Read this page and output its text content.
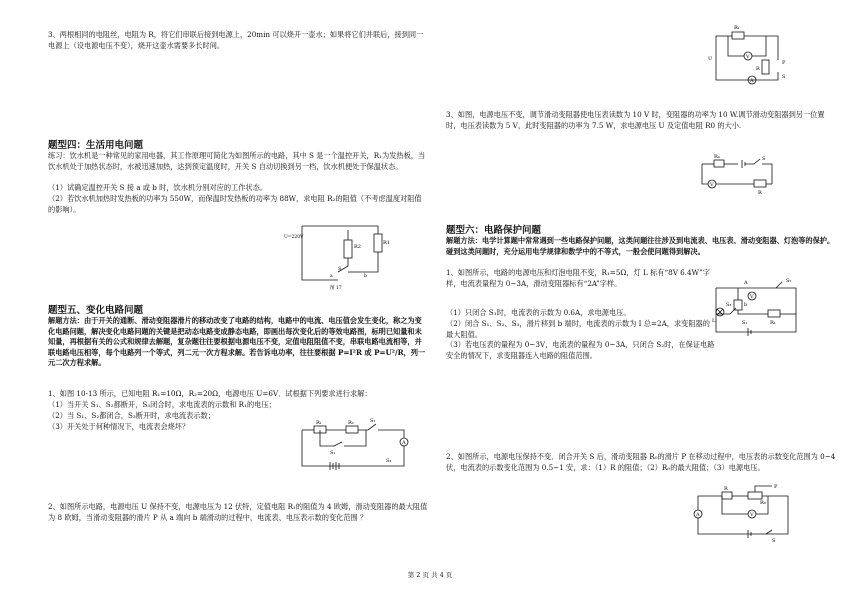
3、两根相同的电阻丝，电阻为 R，将它们串联后接到电源上，20min 可以烧开一壶水；如果将它们并联后，接到同一电源上（设电源电压不变），烧开这壶水需要多长时间。

题型四：生活用电问题

练习：饮水机是一种常见的家用电器，其工作原理可简化为如图所示的电路，其中 S 是一个温控开关，R₁为发热板，当饮水机处于加热状态时，水被迅速加热，达到预定温度时，开关 S 自动切换到另一档，饮水机便处于保温状态。

（1）试确定温控开关 S 接 a 或 b 时，饮水机分别对应的工作状态。

（2）若饮水机加热时发热板的功率为 550W，而保温时发热板的功率为 88W，求电阻 R₂的阻值（不考虑温度对阻值的影响）。

U=220V
R2
R1
S
a	b
图 17

题型五、变化电路问题

解题方法：由于开关的通断、滑动变阻器滑片的移动改变了电路的结构，电路中的电流、电压值会发生变化，称之为变化电路问题，解决变化电路问题的关键是把动态电路变成静态电路，即画出每次变化后的等效电路图，标明已知量和未知量，再根据有关的公式和规律去解题，复杂题往往要根据电源电压不变，定值电阻阻值不变，串联电路电流相等，并联电路电压相等，每个电路列一个等式，列二元一次方程求解。若告诉电功率，往往要根据 P=I²R 或 P=U²/R，列一元二次方程求解。

1、如图 10-13 所示，已知电阻 R₁=10Ω，R₂=20Ω，电源电压 U=6V．试根据下列要求进行求解：

（1）当开关 S₁、S₂都断开，S₃闭合时，求电流表的示数和 R₁的电压；

（2）当 S₁、S₂都闭合，S₃断开时，求电流表示数；

（3）开关处于何种情况下，电流表会烧坏？	R₁	R₂
S₁
S₂
S₃
A

2、如图所示电路，电源电压 U 保持不变，电源电压为 12 伏特，定值电阻 R₁的阻值为 4 欧姆，滑动变阻器的最大阻值为 8 欧姆，当滑动变阻器的滑片 P 从 a 端向 b 端滑动的过程中，电流表、电压表示数的变化范围 ？

R₁
V
U
A
R
P
S

3、如图，电源电压不变，调节滑动变阻器使电压表读数为 10 V 时，变阻器的功率为 10 W.调节滑动变阻器到另一位置时，电压表读数为 5 V，此时变阻器的功率为 7.5 W，求电源电压 U 及定值电阻 R0 的大小.

R₀	S
V
R

题型六：电路保护问题

解题方法：电学计算题中常常遇到一些电路保护问题，这类问题往往涉及到电流表、电压表、滑动变阻器、灯泡等的保护。碰到这类问题时，充分运用电学规律和数学中的不等式，一般会使问题得到解决。

1、如图所示，电路的电源电压和灯泡电阻不变，R₁=5Ω，灯 L 标有“8V 6.4W”字样，电流表量程为 0~3A，滑动变阻器标有“2A”字样。

（1）只闭合 S₁时，电流表的示数为 0.6A，求电源电压。

（2）闭合 S₁、S₂、S₃，滑片移到 b 端时，电流表的示数为 I 总=2A，求变阻器的最大阻值。

（3）若电压表的量程为 0~3V，电流表的量程为 0~3A，只闭合 S₂时，在保证电路安全的情况下，求变阻器连入电路的阻值范围。

L	S₁
S₂
S₃
R₁
A
V
b

2、如图所示，电源电压保持不变．闭合开关 S 后，滑动变阻器 R₀的滑片 P 在移动过程中，电压表的示数变化范围为 0~4 伏，电流表的示数变化范围为 0.5~1 安，求：（1）R 的阻值；（2）R₀的最大阻值；（3）电源电压。

R
R₀
P
V
A
S
第 2 页 共 4 页
